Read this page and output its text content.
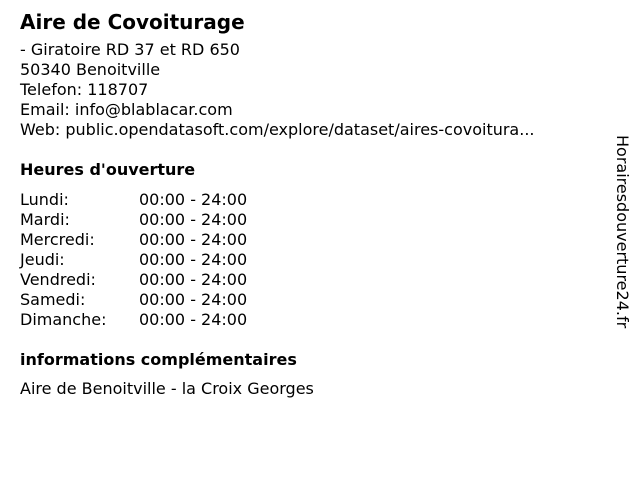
Aire de Covoiturage
- Giratoire RD 37 et RD 650
50340 Benoitville
Telefon: 118707
Email: info@blablacar.com
Web: public.opendatasoft.com/explore/dataset/aires-covoitura...
Heures d'ouverture
Lundi:	00:00 - 24:00
Mardi:	00:00 - 24:00
Mercredi:	00:00 - 24:00
Jeudi:	00:00 - 24:00
Vendredi:	00:00 - 24:00
Samedi:	00:00 - 24:00
Dimanche:	00:00 - 24:00
informations complémentaires
Aire de Benoitville - la Croix Georges
Horairesdouverture24.fr
